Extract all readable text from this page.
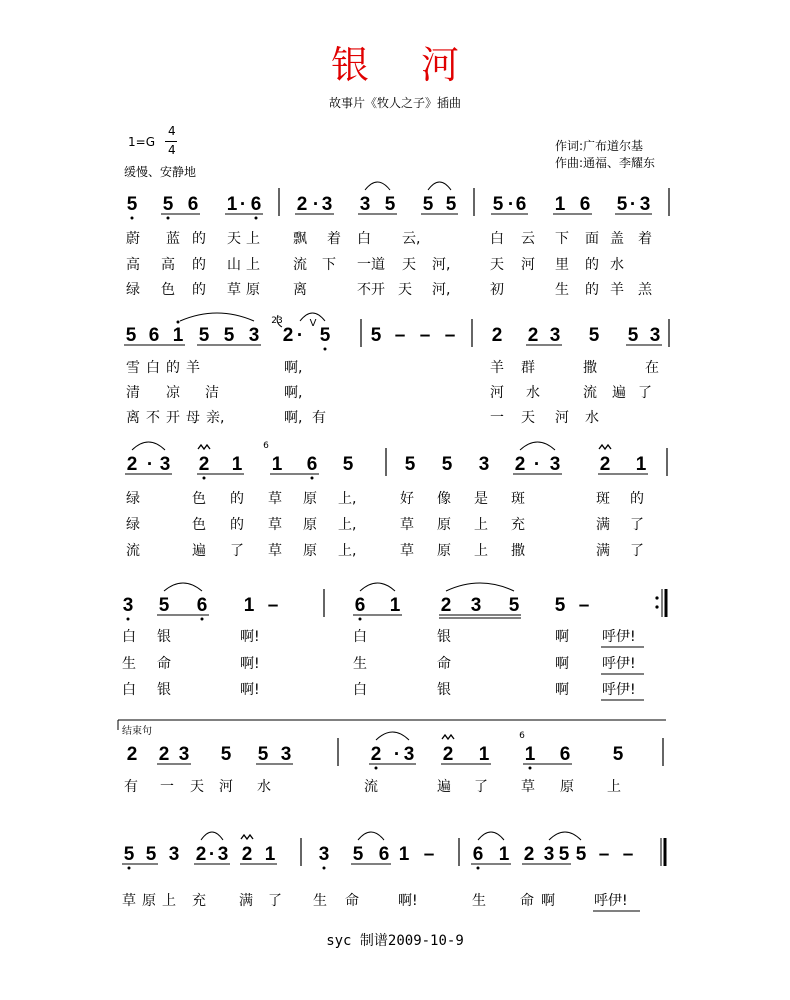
银 河
故事片《牧人之子》插曲
1=G
4
4
缓慢、安静地
作词:广布道尔基
作曲:通福、李耀东
5 5 6 1 · 6 2 · 3 3 5 5 5 5 · 6 1 6 5 · 3
蔚 蓝 的 天 上 飘 着 白 云,	白 云 下 面 盖 着
高 高 的 山 上 流 下 一道 天 河,	天 河 里 的 水
绿 色 的 草 原 离	不开 天 河,	初	生 的 羊 羔
5 6 1 5 5 3 2 · 5 5 – – – 2 2 3 5 5 3
23	V
雪 白 的 羊	啊,	羊 群	撒	在
清 凉 洁	啊,	河 水	流 遍 了
离 不 开 母 亲,	啊, 有	一 天 河 水
2 · 3 2 1 1 6 5	5 5 3 2 · 3 2 1
6
绿	色 的 草 原 上,	好 像 是 斑	斑 的
绿	色 的 草 原 上,	草 原 上 充	满 了
流	遍 了 草 原 上,	草 原 上 撒	满 了
3 5 6 1 –	6 1 2 3 5 5 –
白 银	啊!	白	银	啊 呼伊!
生 命	啊!	生	命	啊 呼伊!
白 银	啊!	白	银	啊 呼伊!
2 2 3 5 5 3	2 · 3 2 1 1 6 5
6
有 一 天 河 水	流	遍 了 草 原 上
5 5 3 2 · 3 2 1 3 5 6 1 – 6 1 2 3 5 5 – –
草 原 上 充 满 了 生 命	啊!	生 命 啊	呼伊!
结束句
syc 制谱2009-10-9
